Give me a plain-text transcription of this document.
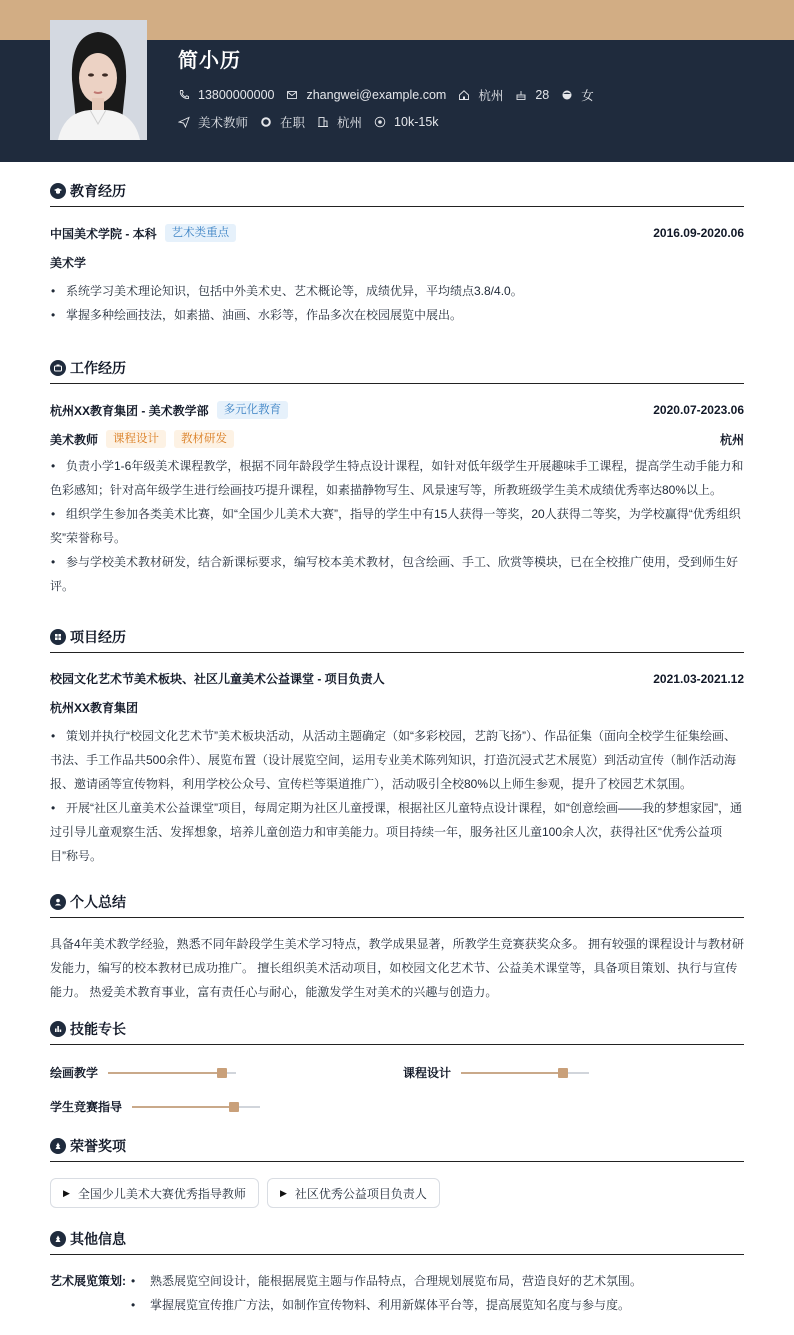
简小历
13800000000	zhangwei@example.com	杭州	28	女
美术教师	在职	杭州	10k-15k
教育经历
中国美术学院 - 本科	艺术类重点	2016.09-2020.06
美术学
• 系统学习美术理论知识，包括中外美术史、艺术概论等，成绩优异，平均绩点3.8/4.0。
• 掌握多种绘画技法，如素描、油画、水彩等，作品多次在校园展览中展出。
工作经历
杭州XX教育集团 - 美术教学部	多元化教育	2020.07-2023.06
美术教师	课程设计	教材研发	杭州
• 负责小学1-6年级美术课程教学，根据不同年龄段学生特点设计课程，如针对低年级学生开展趣味手工课程，提高学生动手能力和色彩感知；针对高年级学生进行绘画技巧提升课程，如素描静物写生、风景速写等，所教班级学生美术成绩优秀率达80%以上。
• 组织学生参加各类美术比赛，如“全国少儿美术大赛”，指导的学生中有15人获得一等奖，20人获得二等奖，为学校赢得“优秀组织奖”荣誉称号。
• 参与学校美术教材研发，结合新课标要求，编写校本美术教材，包含绘画、手工、欣赏等模块，已在全校推广使用，受到师生好评。
项目经历
校园文化艺术节美术板块、社区儿童美术公益课堂 - 项目负责人	2021.03-2021.12
杭州XX教育集团
• 策划并执行“校园文化艺术节”美术板块活动，从活动主题确定（如“多彩校园，艺韵飞扬”）、作品征集（面向全校学生征集绘画、书法、手工作品共500余件）、展览布置（设计展览空间，运用专业美术陈列知识，打造沉浸式艺术展览）到活动宣传（制作活动海报、邀请函等宣传物料，利用学校公众号、宣传栏等渠道推广），活动吸引全校80%以上师生参观，提升了校园艺术氛围。
• 开展“社区儿童美术公益课堂”项目，每周定期为社区儿童授课，根据社区儿童特点设计课程，如“创意绘画——我的梦想家园”，通过引导儿童观察生活、发挥想象，培养儿童创造力和审美能力。项目持续一年，服务社区儿童100余人次，获得社区“优秀公益项目”称号。
个人总结
具备4年美术教学经验，熟悉不同年龄段学生美术学习特点，教学成果显著，所教学生竞赛获奖众多。 拥有较强的课程设计与教材研发能力，编写的校本教材已成功推广。 擅长组织美术活动项目，如校园文化艺术节、公益美术课堂等，具备项目策划、执行与宣传能力。 热爱美术教育事业，富有责任心与耐心，能激发学生对美术的兴趣与创造力。
技能专长
绘画教学	课程设计
学生竞赛指导
荣誉奖项
▶ 全国少儿美术大赛优秀指导教师	▶ 社区优秀公益项目负责人
其他信息
艺术展览策划: • 熟悉展览空间设计，能根据展览主题与作品特点，合理规划展览布局，营造良好的艺术氛围。
• 掌握展览宣传推广方法，如制作宣传物料、利用新媒体平台等，提高展览知名度与参与度。
